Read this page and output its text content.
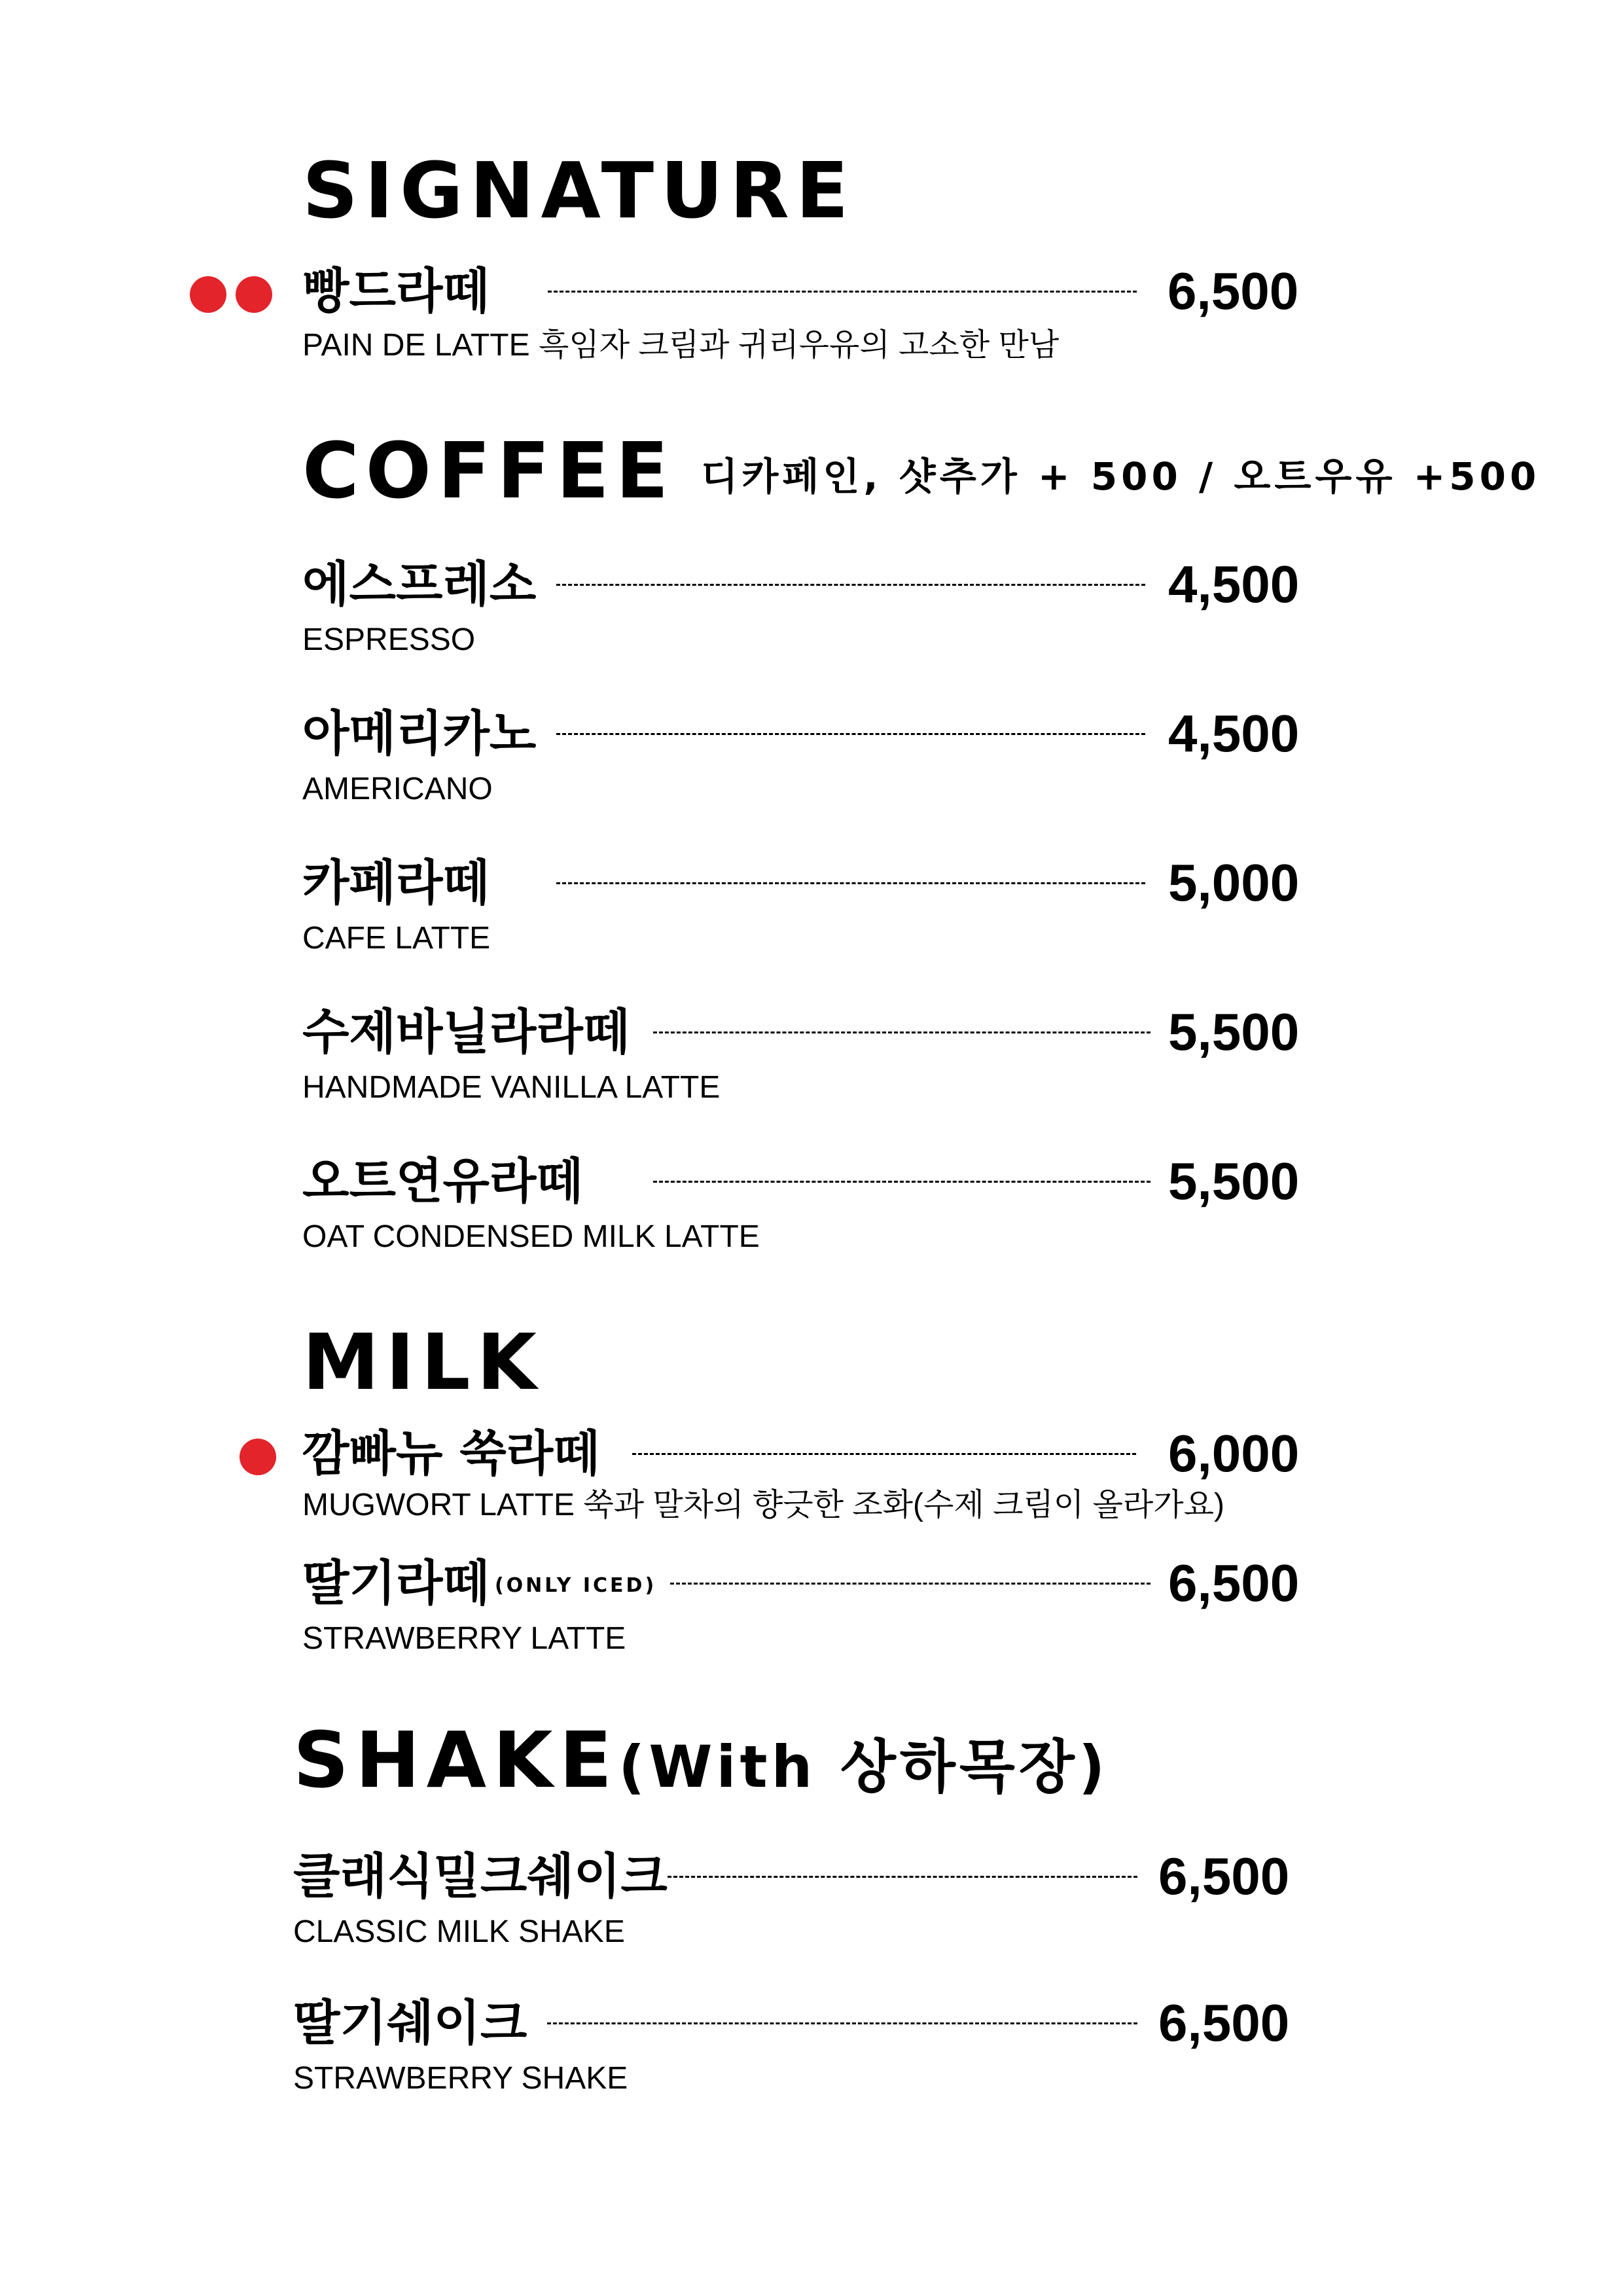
SIGNATURE
빵드라떼	6,500
PAIN DE LATTE 흑임자 크림과 귀리우유의 고소한 만남
COFFEE 디카페인, 샷추가 + 500 / 오트우유 +500
에스프레소	4,500
ESPRESSO
아메리카노	4,500
AMERICANO
카페라떼	5,000
CAFE LATTE
수제바닐라라떼	5,500
HANDMADE VANILLA LATTE
오트연유라떼	5,500
OAT CONDENSED MILK LATTE
MILK
깜빠뉴 쑥라떼	6,000
MUGWORT LATTE 쑥과 말차의 향긋한 조화(수제 크림이 올라가요)
딸기라떼 (ONLY ICED)	6,500
STRAWBERRY LATTE
SHAKE(With 상하목장)
클래식밀크쉐이크	6,500
CLASSIC MILK SHAKE
딸기쉐이크	6,500
STRAWBERRY SHAKE
